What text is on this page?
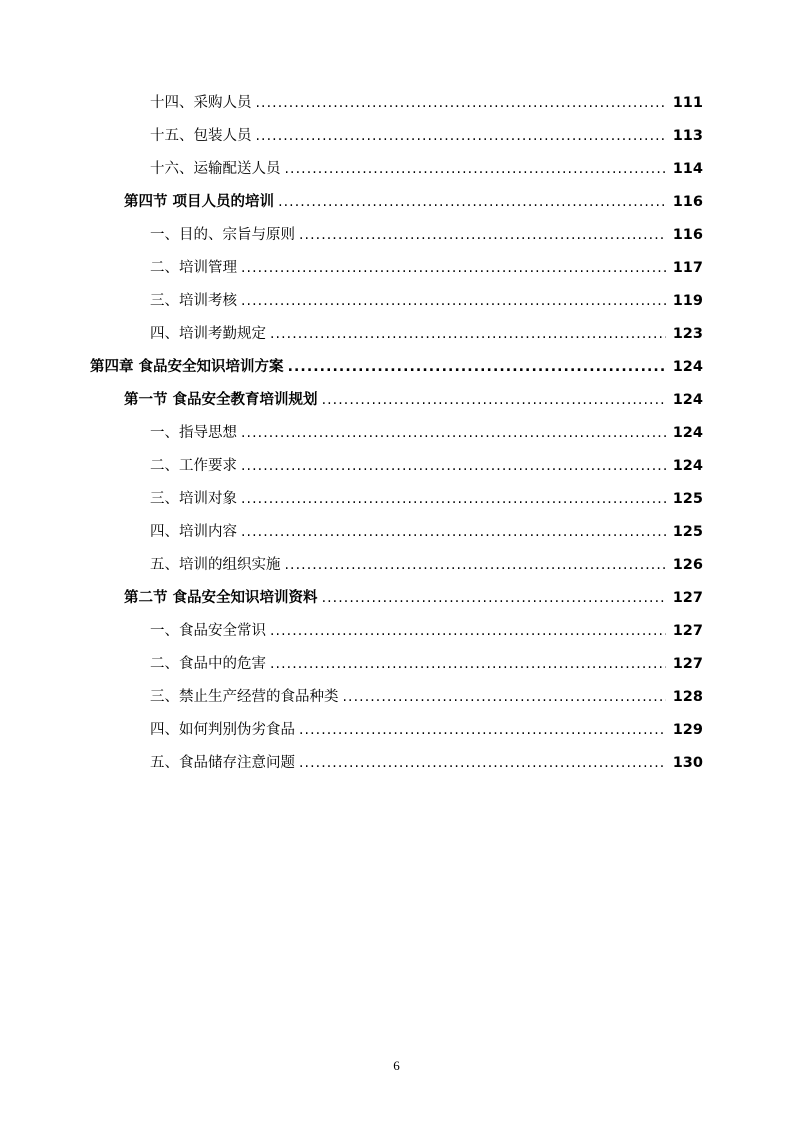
十四、采购人员 .....	111
十五、包装人员 .....	113
十六、运输配送人员 .....	114
第四节 项目人员的培训 .....	116
一、目的、宗旨与原则 .....	116
二、培训管理 .....	117
三、培训考核 .....	119
四、培训考勤规定 .....	123
第四章 食品安全知识培训方案 .....	124
第一节 食品安全教育培训规划 .....	124
一、指导思想 .....	124
二、工作要求 .....	124
三、培训对象 .....	125
四、培训内容 .....	125
五、培训的组织实施 .....	126
第二节 食品安全知识培训资料 .....	127
一、食品安全常识 .....	127
二、食品中的危害 .....	127
三、禁止生产经营的食品种类 .....	128
四、如何判别伪劣食品 .....	129
五、食品储存注意问题 .....	130
6
